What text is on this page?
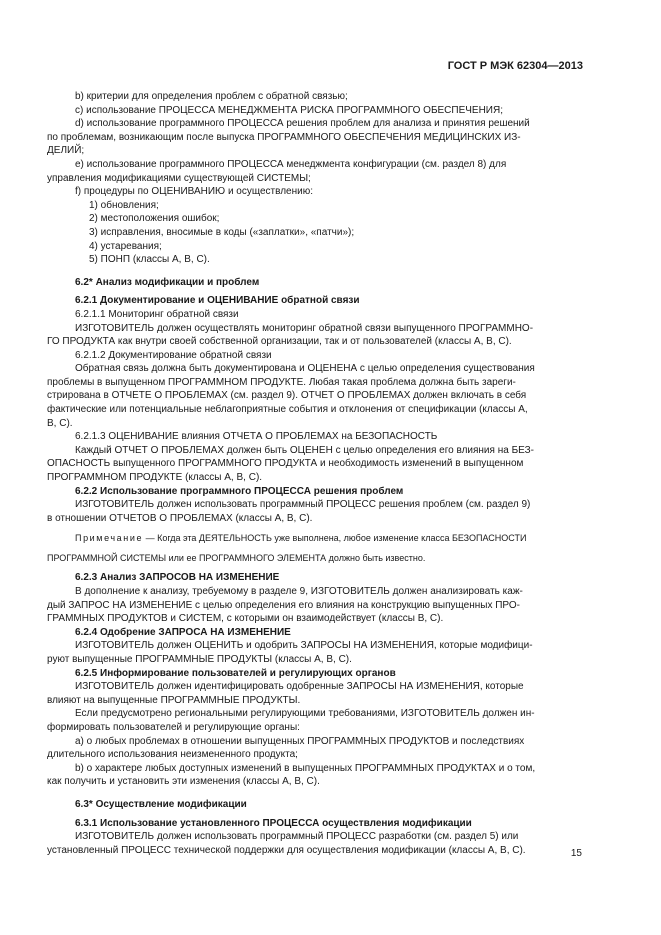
ГОСТ Р МЭК 62304—2013

b) критерии для определения проблем с обратной связью;

c) использование ПРОЦЕССА МЕНЕДЖМЕНТА РИСКА ПРОГРАММНОГО ОБЕСПЕЧЕНИЯ;

d) использование программного ПРОЦЕССА решения проблем для анализа и принятия решений

по проблемам, возникающим после выпуска ПРОГРАММНОГО ОБЕСПЕЧЕНИЯ МЕДИЦИНСКИХ ИЗ-

ДЕЛИЙ;

e) использование программного ПРОЦЕССА менеджмента конфигурации (см. раздел 8) для

управления модификациями существующей СИСТЕМЫ;

f) процедуры по ОЦЕНИВАНИЮ и осуществлению:

1) обновления;

2) местоположения ошибок;

3) исправления, вносимые в коды («заплатки», «патчи»);

4) устаревания;

5) ПОНП (классы A, B, C).

6.2* Анализ модификации и проблем

6.2.1 Документирование и ОЦЕНИВАНИЕ обратной связи

6.2.1.1 Мониторинг обратной связи

ИЗГОТОВИТЕЛЬ должен осуществлять мониторинг обратной связи выпущенного ПРОГРАММНО-

ГО ПРОДУКТА как внутри своей собственной организации, так и от пользователей (классы A, B, C).

6.2.1.2 Документирование обратной связи

Обратная связь должна быть документирована и ОЦЕНЕНА с целью определения существования

проблемы в выпущенном ПРОГРАММНОМ ПРОДУКТЕ. Любая такая проблема должна быть зареги-

стрирована в ОТЧЕТЕ О ПРОБЛЕМАХ (см. раздел 9). ОТЧЕТ О ПРОБЛЕМАХ должен включать в себя

фактические или потенциальные неблагоприятные события и отклонения от спецификации (классы A,

B, C).

6.2.1.3 ОЦЕНИВАНИЕ влияния ОТЧЕТА О ПРОБЛЕМАХ на БЕЗОПАСНОСТЬ

Каждый ОТЧЕТ О ПРОБЛЕМАХ должен быть ОЦЕНЕН с целью определения его влияния на БЕЗ-

ОПАСНОСТЬ выпущенного ПРОГРАММНОГО ПРОДУКТА и необходимость изменений в выпущенном

ПРОГРАММНОМ ПРОДУКТЕ (классы A, B, C).

6.2.2 Использование программного ПРОЦЕССА решения проблем

ИЗГОТОВИТЕЛЬ должен использовать программный ПРОЦЕСС решения проблем (см. раздел 9)

в отношении ОТЧЕТОВ О ПРОБЛЕМАХ (классы A, B, C).

Примечание — Когда эта ДЕЯТЕЛЬНОСТЬ уже выполнена, любое изменение класса БЕЗОПАСНОСТИ

ПРОГРАММНОЙ СИСТЕМЫ или ее ПРОГРАММНОГО ЭЛЕМЕНТА должно быть известно.

6.2.3 Анализ ЗАПРОСОВ НА ИЗМЕНЕНИЕ

В дополнение к анализу, требуемому в разделе 9, ИЗГОТОВИТЕЛЬ должен анализировать каж-

дый ЗАПРОС НА ИЗМЕНЕНИЕ с целью определения его влияния на конструкцию выпущенных ПРО-

ГРАММНЫХ ПРОДУКТОВ и СИСТЕМ, с которыми он взаимодействует (классы B, C).

6.2.4 Одобрение ЗАПРОСА НА ИЗМЕНЕНИЕ

ИЗГОТОВИТЕЛЬ должен ОЦЕНИТЬ и одобрить ЗАПРОСЫ НА ИЗМЕНЕНИЯ, которые модифици-

руют выпущенные ПРОГРАММНЫЕ ПРОДУКТЫ (классы A, B, C).

6.2.5 Информирование пользователей и регулирующих органов

ИЗГОТОВИТЕЛЬ должен идентифицировать одобренные ЗАПРОСЫ НА ИЗМЕНЕНИЯ, которые

влияют на выпущенные ПРОГРАММНЫЕ ПРОДУКТЫ.

Если предусмотрено региональными регулирующими требованиями, ИЗГОТОВИТЕЛЬ должен ин-

формировать пользователей и регулирующие органы:

a) о любых проблемах в отношении выпущенных ПРОГРАММНЫХ ПРОДУКТОВ и последствиях

длительного использования неизмененного продукта;

b) о характере любых доступных изменений в выпущенных ПРОГРАММНЫХ ПРОДУКТАХ и о том,

как получить и установить эти изменения (классы A, B, C).

6.3* Осуществление модификации

6.3.1 Использование установленного ПРОЦЕССА осуществления модификации

ИЗГОТОВИТЕЛЬ должен использовать программный ПРОЦЕСС разработки (см. раздел 5) или

установленный ПРОЦЕСС технической поддержки для осуществления модификации (классы A, B, C).	15
